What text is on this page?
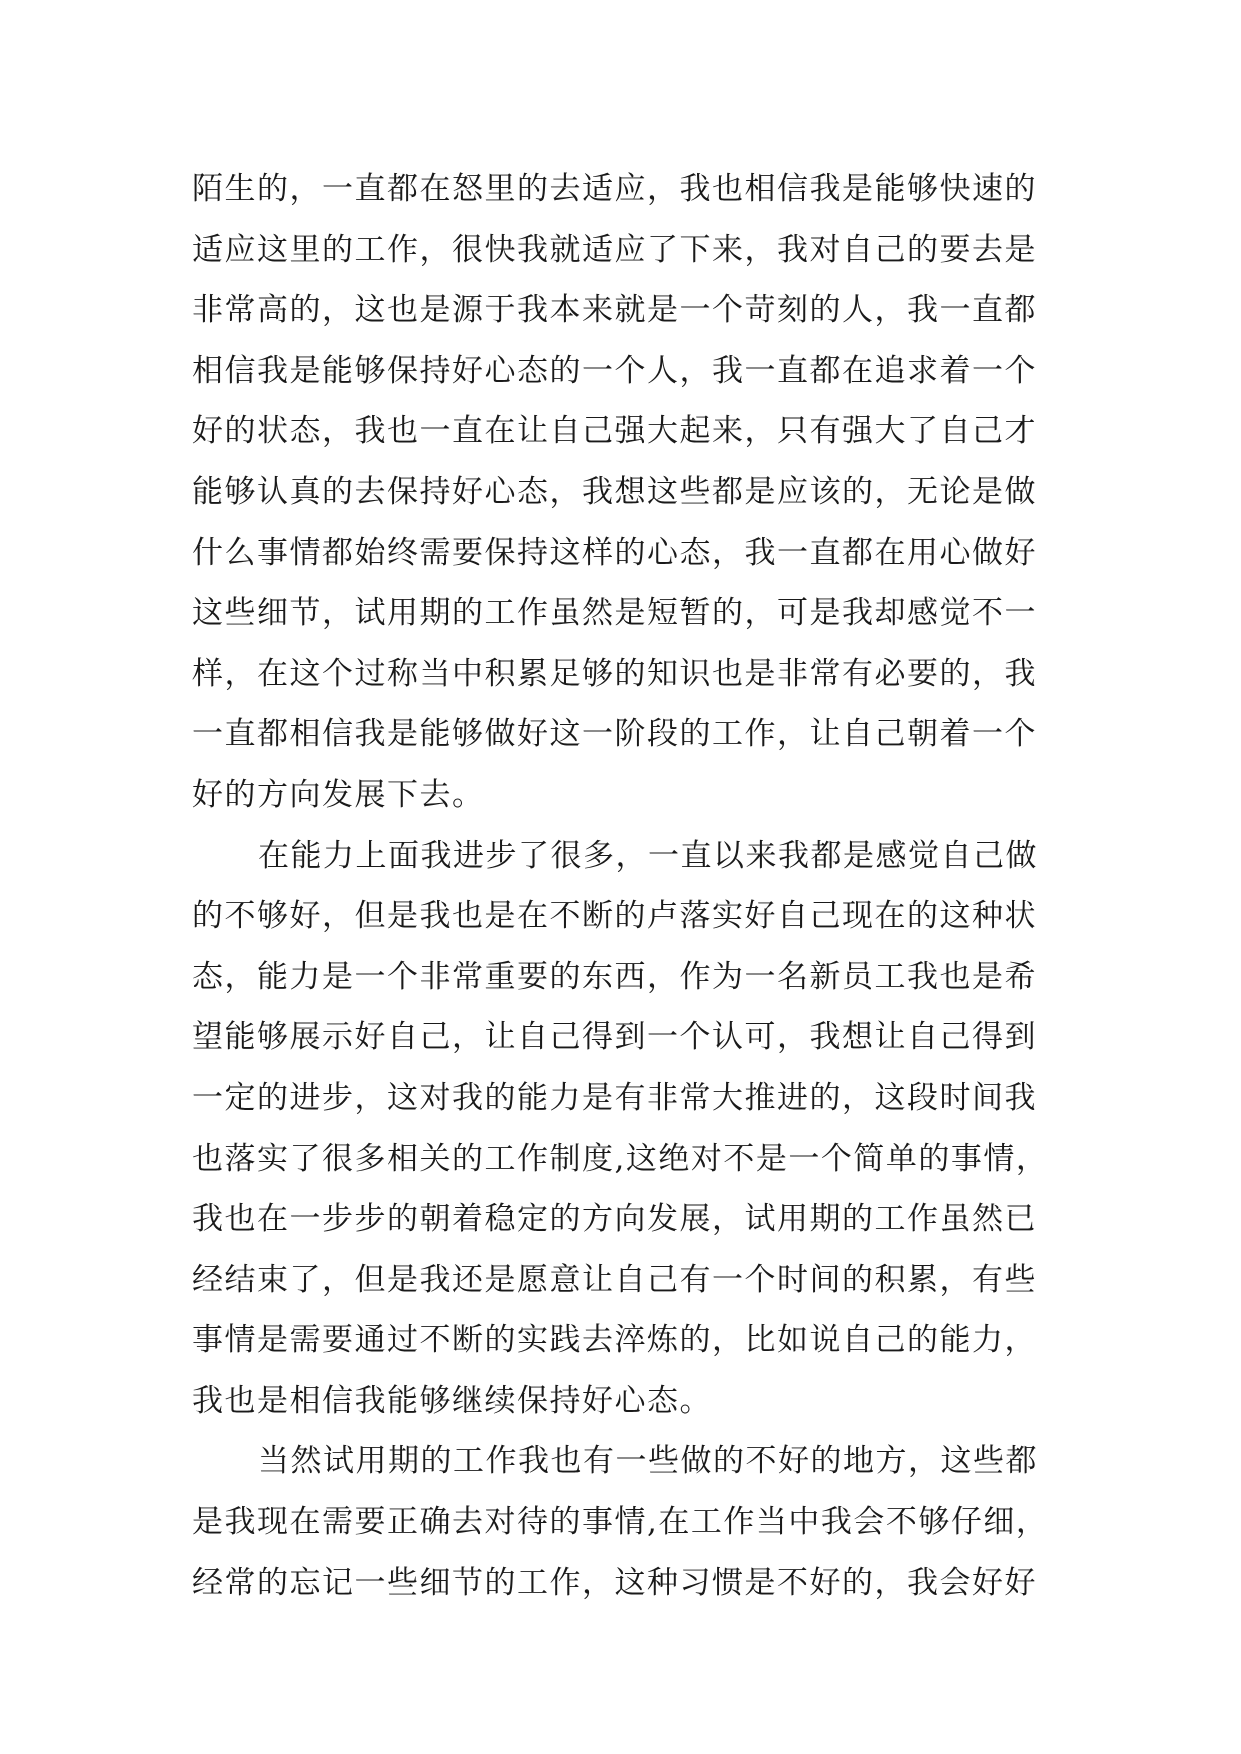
陌生的，一直都在怒里的去适应，我也相信我是能够快速的
适应这里的工作，很快我就适应了下来，我对自己的要去是
非常高的，这也是源于我本来就是一个苛刻的人，我一直都
相信我是能够保持好心态的一个人，我一直都在追求着一个
好的状态，我也一直在让自己强大起来，只有强大了自己才
能够认真的去保持好心态，我想这些都是应该的，无论是做
什么事情都始终需要保持这样的心态，我一直都在用心做好
这些细节，试用期的工作虽然是短暂的，可是我却感觉不一
样，在这个过称当中积累足够的知识也是非常有必要的，我
一直都相信我是能够做好这一阶段的工作，让自己朝着一个
好的方向发展下去。
在能力上面我进步了很多，一直以来我都是感觉自己做
的不够好，但是我也是在不断的卢落实好自己现在的这种状
态，能力是一个非常重要的东西，作为一名新员工我也是希
望能够展示好自己，让自己得到一个认可，我想让自己得到
一定的进步，这对我的能力是有非常大推进的，这段时间我
也落实了很多相关的工作制度,这绝对不是一个简单的事情，
我也在一步步的朝着稳定的方向发展，试用期的工作虽然已
经结束了，但是我还是愿意让自己有一个时间的积累，有些
事情是需要通过不断的实践去淬炼的，比如说自己的能力，
我也是相信我能够继续保持好心态。
当然试用期的工作我也有一些做的不好的地方，这些都
是我现在需要正确去对待的事情,在工作当中我会不够仔细，
经常的忘记一些细节的工作，这种习惯是不好的，我会好好
